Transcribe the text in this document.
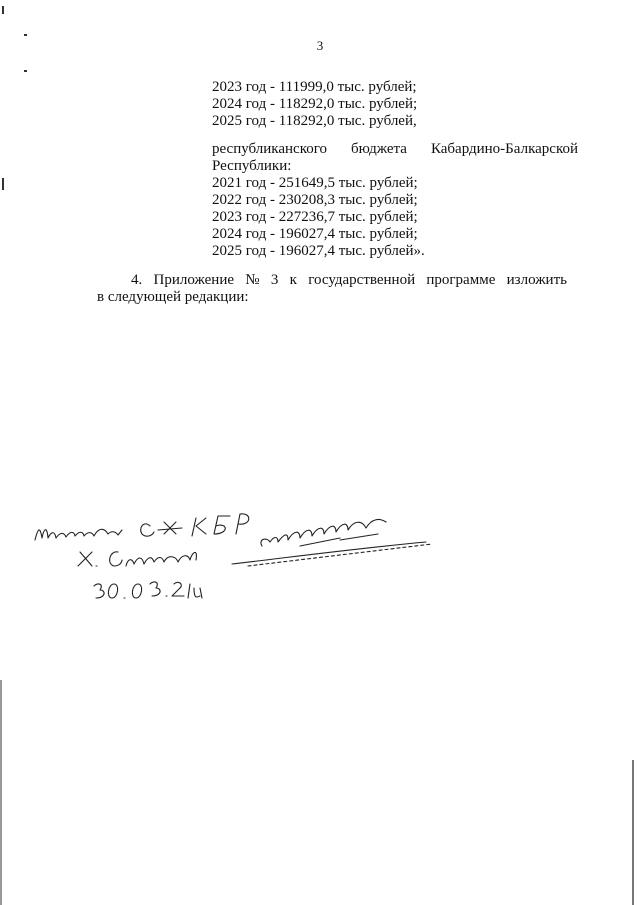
3
2023 год - 111999,0 тыс. рублей;
2024 год - 118292,0 тыс. рублей;
2025 год - 118292,0 тыс. рублей,
республиканского бюджета Кабардино-Балкарской
Республики:
2021 год - 251649,5 тыс. рублей;
2022 год - 230208,3 тыс. рублей;
2023 год - 227236,7 тыс. рублей;
2024 год - 196027,4 тыс. рублей;
2025 год - 196027,4 тыс. рублей».
4. Приложение № 3 к государственной программе изложить
в следующей редакции:
